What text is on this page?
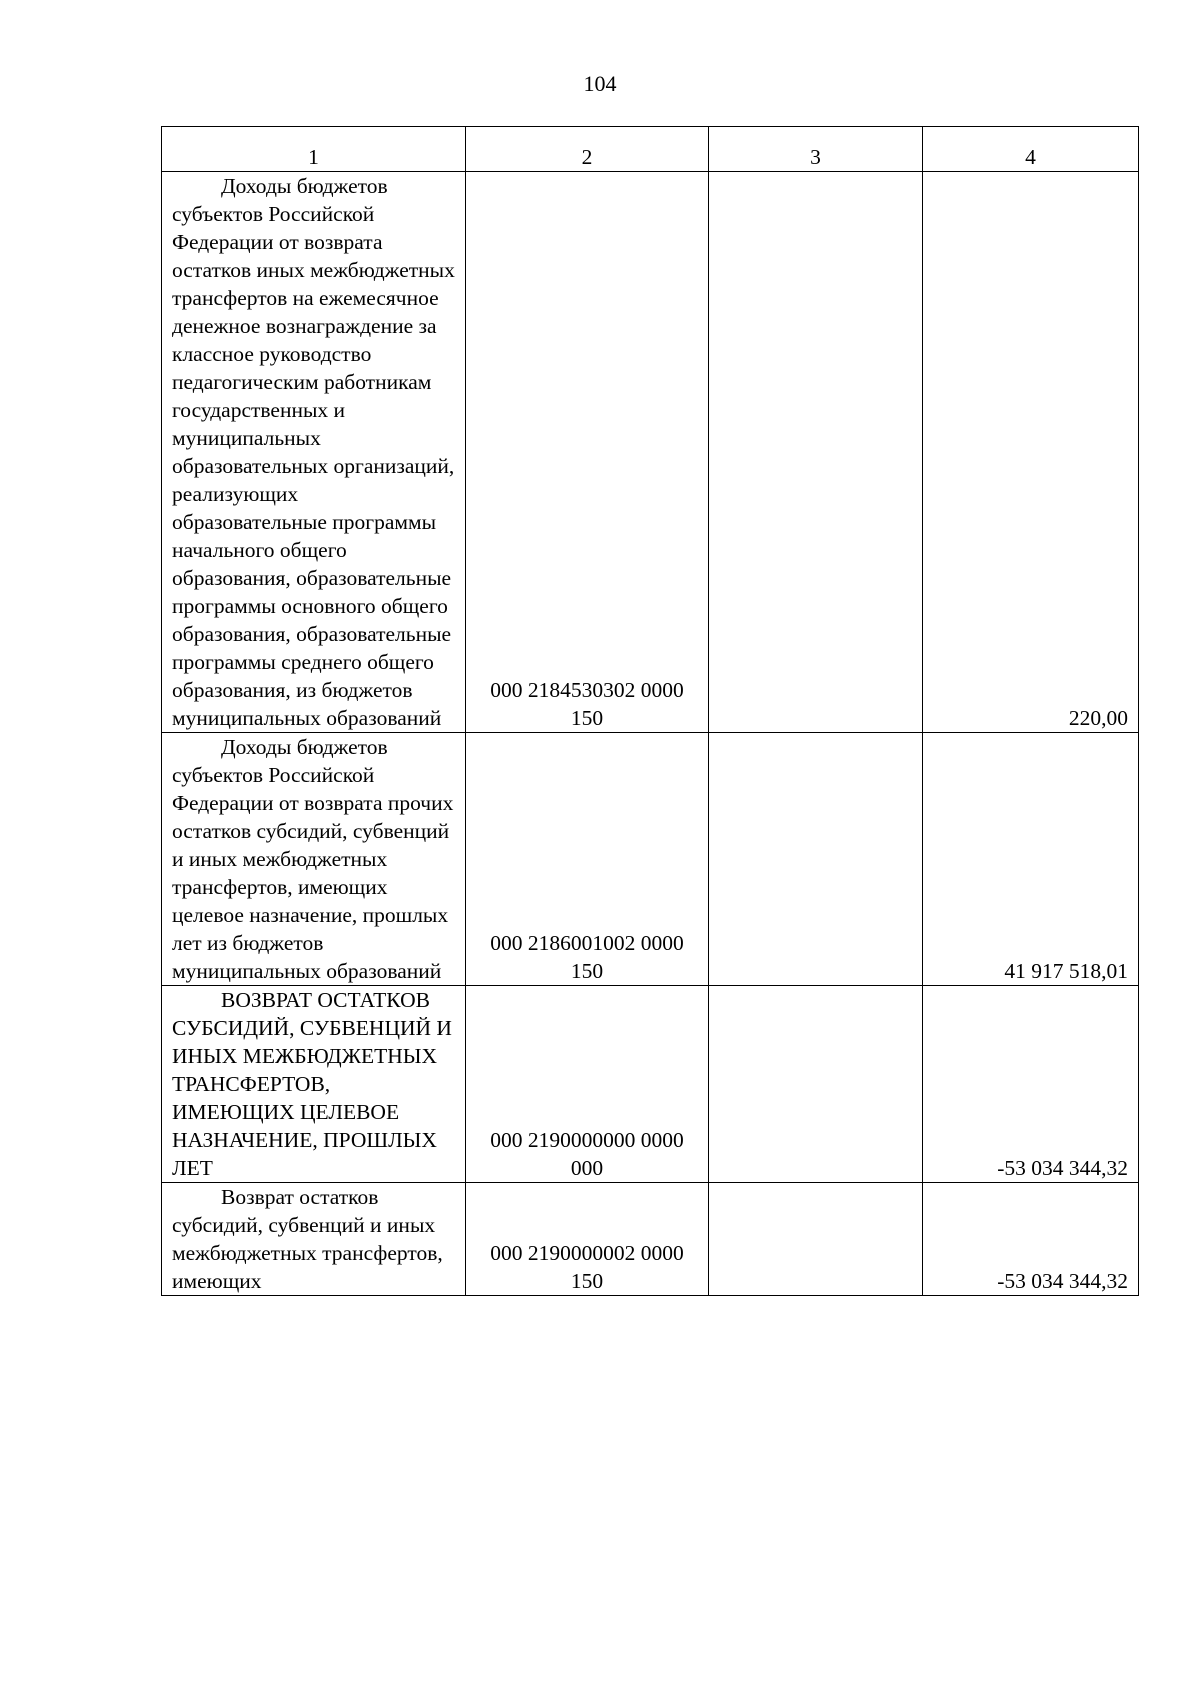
104
1	2	3	4
Доходы бюджетов субъектов Российской Федерации от возврата остатков иных межбюджетных трансфертов на ежемесячное денежное вознаграждение за классное руководство педагогическим работникам государственных и муниципальных образовательных организаций, реализующих образовательные программы начального общего образования, образовательные программы основного общего образования, образовательные программы среднего общего образования, из бюджетов муниципальных образований	000 2184530302 0000 150		220,00
Доходы бюджетов субъектов Российской Федерации от возврата прочих остатков субсидий, субвенций и иных межбюджетных трансфертов, имеющих целевое назначение, прошлых лет из бюджетов муниципальных образований	000 2186001002 0000 150		41 917 518,01
ВОЗВРАТ ОСТАТКОВ СУБСИДИЙ, СУБВЕНЦИЙ И ИНЫХ МЕЖБЮДЖЕТНЫХ ТРАНСФЕРТОВ, ИМЕЮЩИХ ЦЕЛЕВОЕ НАЗНАЧЕНИЕ, ПРОШЛЫХ ЛЕТ	000 2190000000 0000 000		-53 034 344,32
Возврат остатков субсидий, субвенций и иных межбюджетных трансфертов, имеющих	000 2190000002 0000 150		-53 034 344,32
